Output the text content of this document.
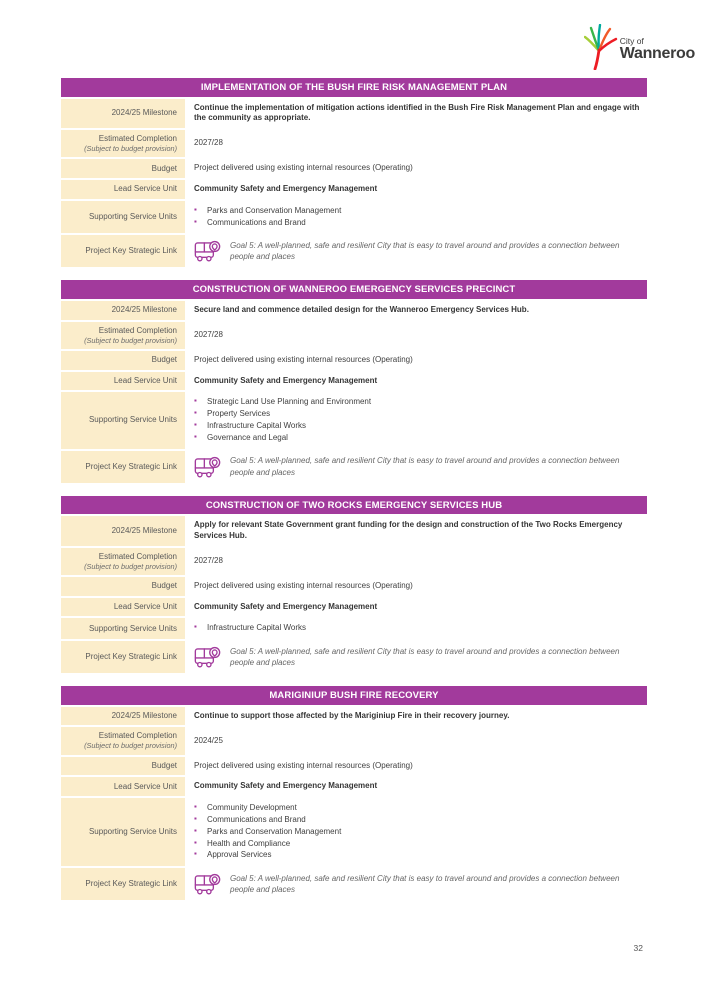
City of
Wanneroo
IMPLEMENTATION OF THE BUSH FIRE RISK MANAGEMENT PLAN
2024/25 Milestone
Continue the implementation of mitigation actions identified in the Bush Fire Risk Management Plan and engage with the community as appropriate.
Estimated Completion
(Subject to budget provision)
2027/28
Budget Project delivered using existing internal resources (Operating)
Lead Service Unit Community Safety and Emergency Management
Supporting Service Units
▪ Parks and Conservation Management
▪ Communications and Brand
Project Key Strategic Link
Goal 5: A well-planned, safe and resilient City that is easy to travel around and provides a connection between people and places
CONSTRUCTION OF WANNEROO EMERGENCY SERVICES PRECINCT
2024/25 Milestone Secure land and commence detailed design for the Wanneroo Emergency Services Hub.
Estimated Completion
(Subject to budget provision)
2027/28
Budget Project delivered using existing internal resources (Operating)
Lead Service Unit Community Safety and Emergency Management
Supporting Service Units
▪ Strategic Land Use Planning and Environment
▪ Property Services
▪ Infrastructure Capital Works
▪ Governance and Legal
Project Key Strategic Link
Goal 5: A well-planned, safe and resilient City that is easy to travel around and provides a connection between people and places
CONSTRUCTION OF TWO ROCKS EMERGENCY SERVICES HUB
2024/25 Milestone
Apply for relevant State Government grant funding for the design and construction of the Two Rocks Emergency Services Hub.
Estimated Completion
(Subject to budget provision)
2027/28
Budget Project delivered using existing internal resources (Operating)
Lead Service Unit Community Safety and Emergency Management
Supporting Service Units	▪ Infrastructure Capital Works
Project Key Strategic Link
Goal 5: A well-planned, safe and resilient City that is easy to travel around and provides a connection between people and places
MARIGINIUP BUSH FIRE RECOVERY
2024/25 Milestone Continue to support those affected by the Mariginiup Fire in their recovery journey.
Estimated Completion
(Subject to budget provision)
2024/25
Budget Project delivered using existing internal resources (Operating)
Lead Service Unit Community Safety and Emergency Management
Supporting Service Units
▪ Community Development
▪ Communications and Brand
▪ Parks and Conservation Management
▪ Health and Compliance
▪ Approval Services
Project Key Strategic Link
Goal 5: A well-planned, safe and resilient City that is easy to travel around and provides a connection between people and places
32
